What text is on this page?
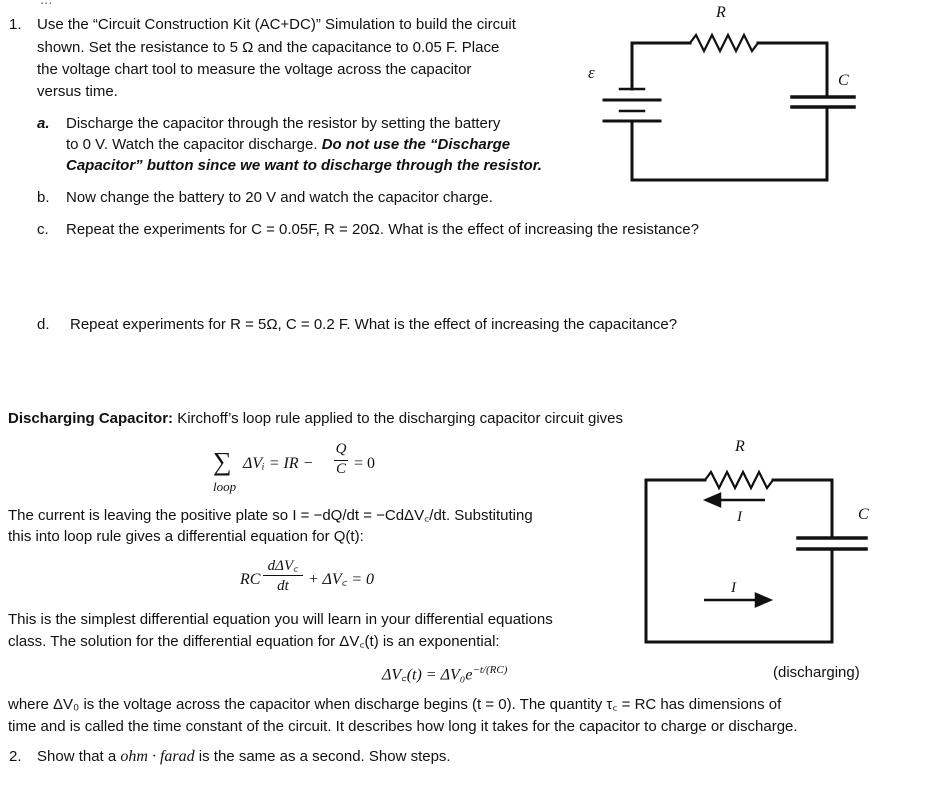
1. Use the “Circuit Construction Kit (AC+DC)” Simulation to build the circuit
shown. Set the resistance to 5 Ω and the capacitance to 0.05 F. Place
the voltage chart tool to measure the voltage across the capacitor
versus time.
a. Discharge the capacitor through the resistor by setting the battery
to 0 V. Watch the capacitor discharge. Do not use the “Discharge
Capacitor” button since we want to discharge through the resistor.
b. Now change the battery to 20 V and watch the capacitor charge.
c. Repeat the experiments for C = 0.05F, R = 20Ω. What is the effect of increasing the resistance?
d. Repeat experiments for R = 5Ω, C = 0.2 F. What is the effect of increasing the capacitance?
R
C
ε
Discharging Capacitor: Kirchoff’s loop rule applied to the discharging capacitor circuit gives
∑ ΔVᵢ = IR −
Q
C = 0
loop
The current is leaving the positive plate so I = −dQ/dt = −CdΔV꜀/dt. Substituting
this into loop rule gives a differential equation for Q(t):
RC
dΔV꜀
dt	+ ΔV꜀ = 0
This is the simplest differential equation you will learn in your differential equations
class. The solution for the differential equation for ΔV꜀(t) is an exponential:
ΔV꜀(t) = $\Delta V_0e^{-t/(RC)}$	(discharging)
where ΔV₀ is the voltage across the capacitor when discharge begins (t = 0). The quantity τ꜀ = RC has dimensions of
time and is called the time constant of the circuit. It describes how long it takes for the capacitor to charge or discharge.
R
C
I
I
2. Show that a ohm · farad is the same as a second. Show steps.
